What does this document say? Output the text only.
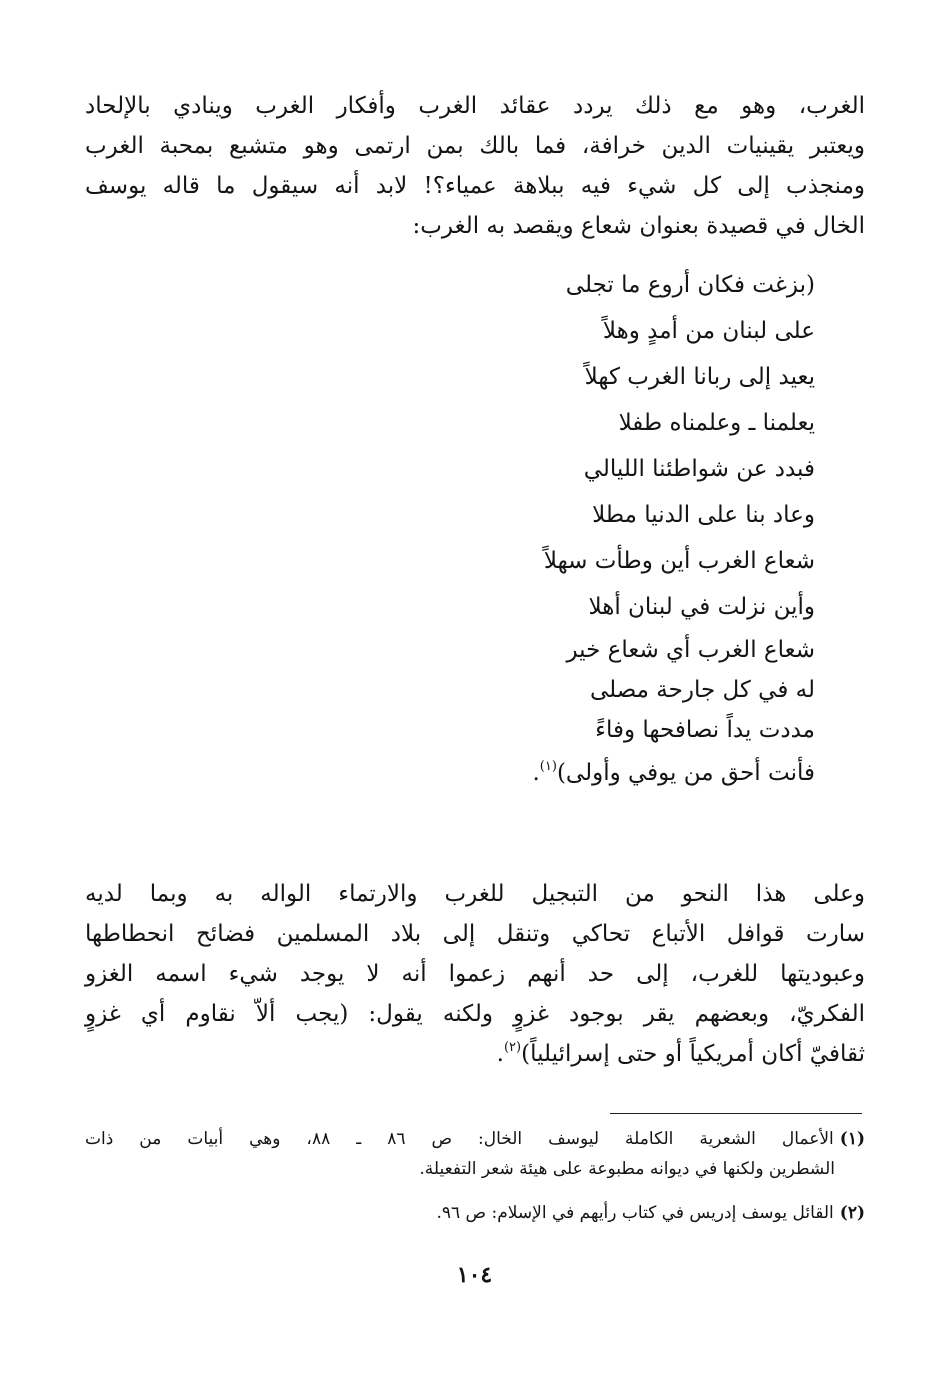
الغرب، وهو مع ذلك يردد عقائد الغرب وأفكار الغرب وينادي بالإلحاد
ويعتبر يقينيات الدين خرافة، فما بالك بمن ارتمى وهو متشبع بمحبة الغرب
ومنجذب إلى كل شيء فيه ببلاهة عمياء؟! لابد أنه سيقول ما قاله يوسف
الخال في قصيدة بعنوان شعاع ويقصد به الغرب:

(بزغت فكان أروع ما تجلى
على لبنان من أمدٍ وهلاً
يعيد إلى ربانا الغرب كهلاً
يعلمنا ـ وعلمناه طفلا
فبدد عن شواطئنا الليالي
وعاد بنا على الدنيا مطلا
شعاع الغرب أين وطأت سهلاً
وأين نزلت في لبنان أهلا
شعاع الغرب أي شعاع خير
له في كل جارحة مصلى
مددت يداً نصافحها وفاءً
فأنت أحق من يوفي وأولى)$^{(١)}$.

وعلى هذا النحو من التبجيل للغرب والارتماء الواله به وبما لديه
سارت قوافل الأتباع تحاكي وتنقل إلى بلاد المسلمين فضائح انحطاطها
وعبوديتها للغرب، إلى حد أنهم زعموا أنه لا يوجد شيء اسمه الغزو
الفكريّ، وبعضهم يقر بوجود غزوٍ ولكنه يقول: (يجب ألاّ نقاوم أي غزوٍ
ثقافيّ أكان أمريكياً أو حتى إسرائيلياً)$^{(٢)}$.

(١)الأعمال الشعرية الكاملة ليوسف الخال: ص ٨٦ ـ ٨٨، وهي أبيات من ذات
الشطرين ولكنها في ديوانه مطبوعة على هيئة شعر التفعيلة.
(٢)القائل يوسف إدريس في كتاب رأيهم في الإسلام: ص ٩٦.
١٠٤
